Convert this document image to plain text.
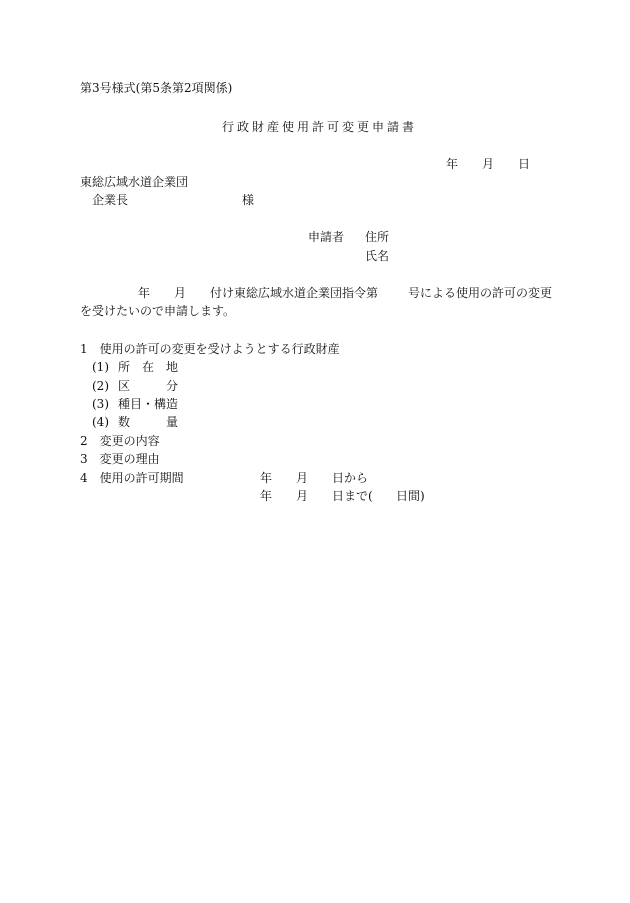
第3号様式(第5条第2項関係)
行政財産使用許可変更申請書
年 月 日
東総広域水道企業団
企業長	様
申請者 住所
氏名
年 月 付け東総広域水道企業団指令第 号による使用の許可の変更
を受けたいので申請します。
1　使用の許可の変更を受けようとする行政財産
(1) 所　在　地
(2) 区　　　分
(3) 種目・構造
(4) 数　　　量
2　変更の内容
3　変更の理由
4　使用の許可期間	年 月 日から
年 月 日まで( 日間)
